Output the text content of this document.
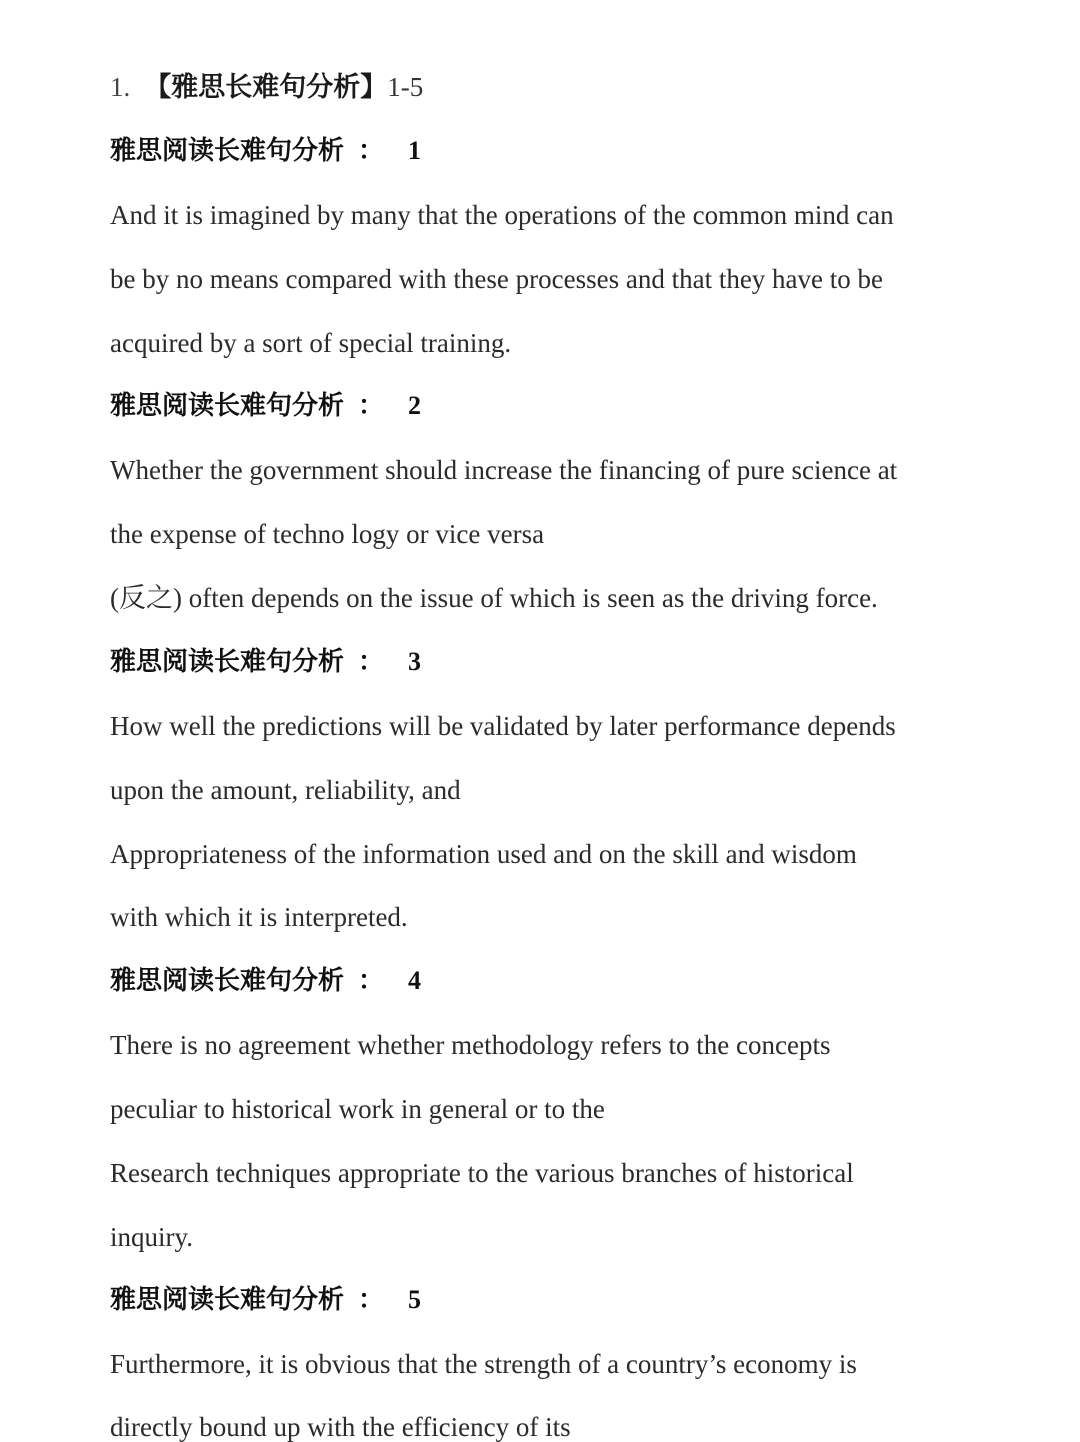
1. 【雅思长难句分析】1-5
雅思阅读长难句分析 ： 1
And it is imagined by many that the operations of the common mind can
be by no means compared with these processes and that they have to be
acquired by a sort of special training.
雅思阅读长难句分析 ： 2
Whether the government should increase the financing of pure science at
the expense of techno logy or vice versa
(反之) often depends on the issue of which is seen as the driving force.
雅思阅读长难句分析 ： 3
How well the predictions will be validated by later performance depends
upon the amount, reliability, and
Appropriateness of the information used and on the skill and wisdom
with which it is interpreted.
雅思阅读长难句分析 ： 4
There is no agreement whether methodology refers to the concepts
peculiar to historical work in general or to the
Research techniques appropriate to the various branches of historical
inquiry.
雅思阅读长难句分析 ： 5
Furthermore, it is obvious that the strength of a country’s economy is
directly bound up with the efficiency of its
